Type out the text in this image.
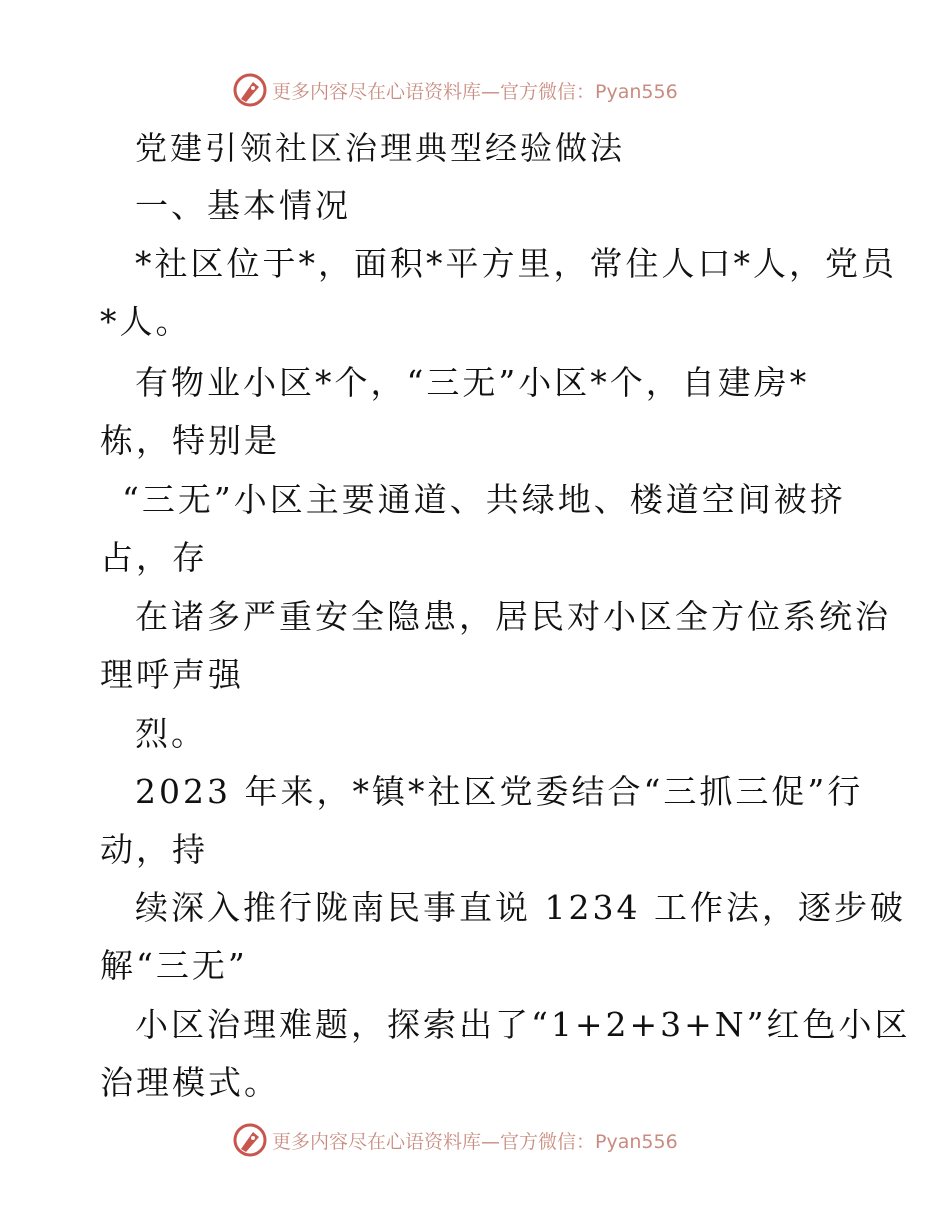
更多内容尽在心语资料库—官方微信：Pyan556
党建引领社区治理典型经验做法
一、基本情况
*社区位于*，面积*平方里，常住人口*人，党员
*人。
有物业小区*个，“三无”小区*个，自建房*
栋，特别是
“三无”小区主要通道、共绿地、楼道空间被挤
占，存
在诸多严重安全隐患，居民对小区全方位系统治
理呼声强
烈。
2023 年来，*镇*社区党委结合“三抓三促”行
动，持
续深入推行陇南民事直说 1234 工作法，逐步破
解“三无”
小区治理难题，探索出了“1+2+3+N”红色小区
治理模式。
更多内容尽在心语资料库—官方微信：Pyan556
